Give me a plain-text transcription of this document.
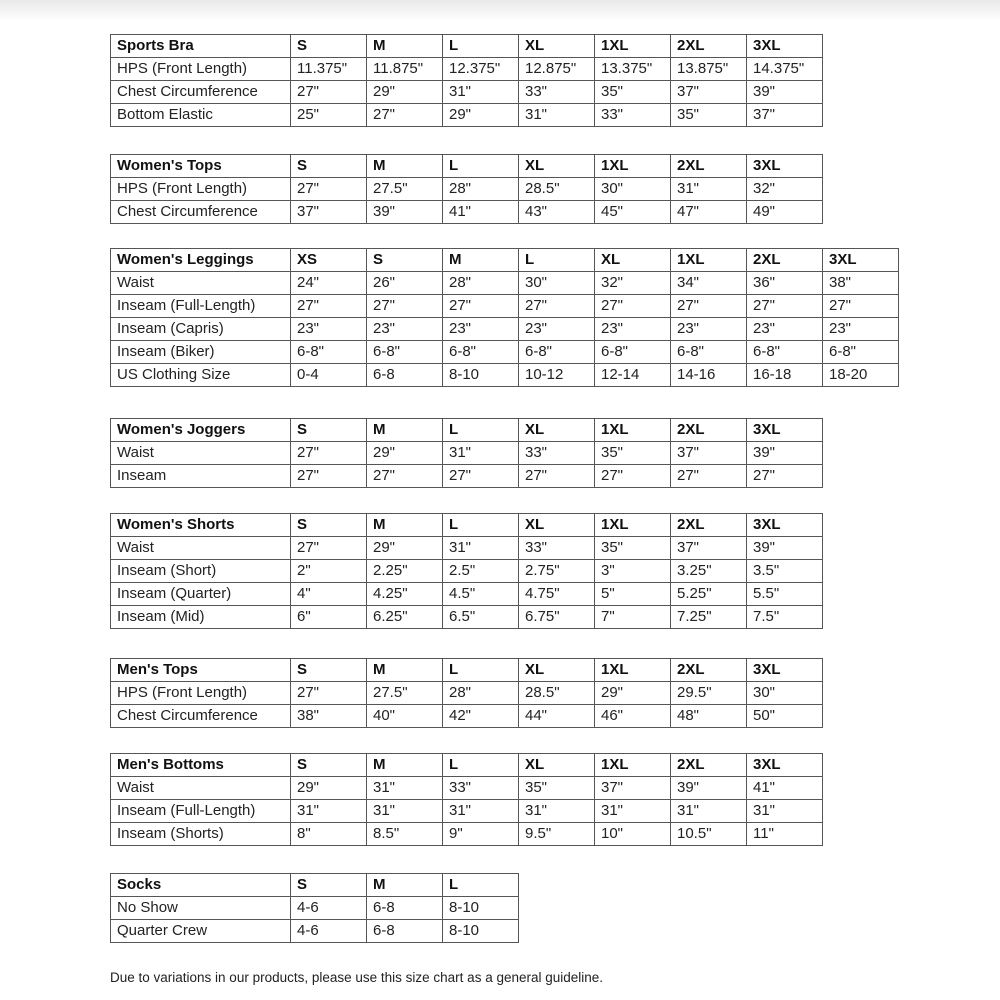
Sports Bra	S	M	L	XL	1XL	2XL	3XL
HPS (Front Length)	11.375"	11.875"	12.375"	12.875"	13.375"	13.875"	14.375"
Chest Circumference	27"	29"	31"	33"	35"	37"	39"
Bottom Elastic	25"	27"	29"	31"	33"	35"	37"
Women's Tops	S	M	L	XL	1XL	2XL	3XL
HPS (Front Length)	27"	27.5"	28"	28.5"	30"	31"	32"
Chest Circumference	37"	39"	41"	43"	45"	47"	49"
Women's Leggings	XS	S	M	L	XL	1XL	2XL	3XL
Waist	24"	26"	28"	30"	32"	34"	36"	38"
Inseam (Full-Length)	27"	27"	27"	27"	27"	27"	27"	27"
Inseam (Capris)	23"	23"	23"	23"	23"	23"	23"	23"
Inseam (Biker)	6-8"	6-8"	6-8"	6-8"	6-8"	6-8"	6-8"	6-8"
US Clothing Size	0-4	6-8	8-10	10-12	12-14	14-16	16-18	18-20
Women's Joggers	S	M	L	XL	1XL	2XL	3XL
Waist	27"	29"	31"	33"	35"	37"	39"
Inseam	27"	27"	27"	27"	27"	27"	27"
Women's Shorts	S	M	L	XL	1XL	2XL	3XL
Waist	27"	29"	31"	33"	35"	37"	39"
Inseam (Short)	2"	2.25"	2.5"	2.75"	3"	3.25"	3.5"
Inseam (Quarter)	4"	4.25"	4.5"	4.75"	5"	5.25"	5.5"
Inseam (Mid)	6"	6.25"	6.5"	6.75"	7"	7.25"	7.5"
Men's Tops	S	M	L	XL	1XL	2XL	3XL
HPS (Front Length)	27"	27.5"	28"	28.5"	29"	29.5"	30"
Chest Circumference	38"	40"	42"	44"	46"	48"	50"
Men's Bottoms	S	M	L	XL	1XL	2XL	3XL
Waist	29"	31"	33"	35"	37"	39"	41"
Inseam (Full-Length)	31"	31"	31"	31"	31"	31"	31"
Inseam (Shorts)	8"	8.5"	9"	9.5"	10"	10.5"	11"
Socks	S	M	L
No Show	4-6	6-8	8-10
Quarter Crew	4-6	6-8	8-10
Due to variations in our products, please use this size chart as a general guideline.
